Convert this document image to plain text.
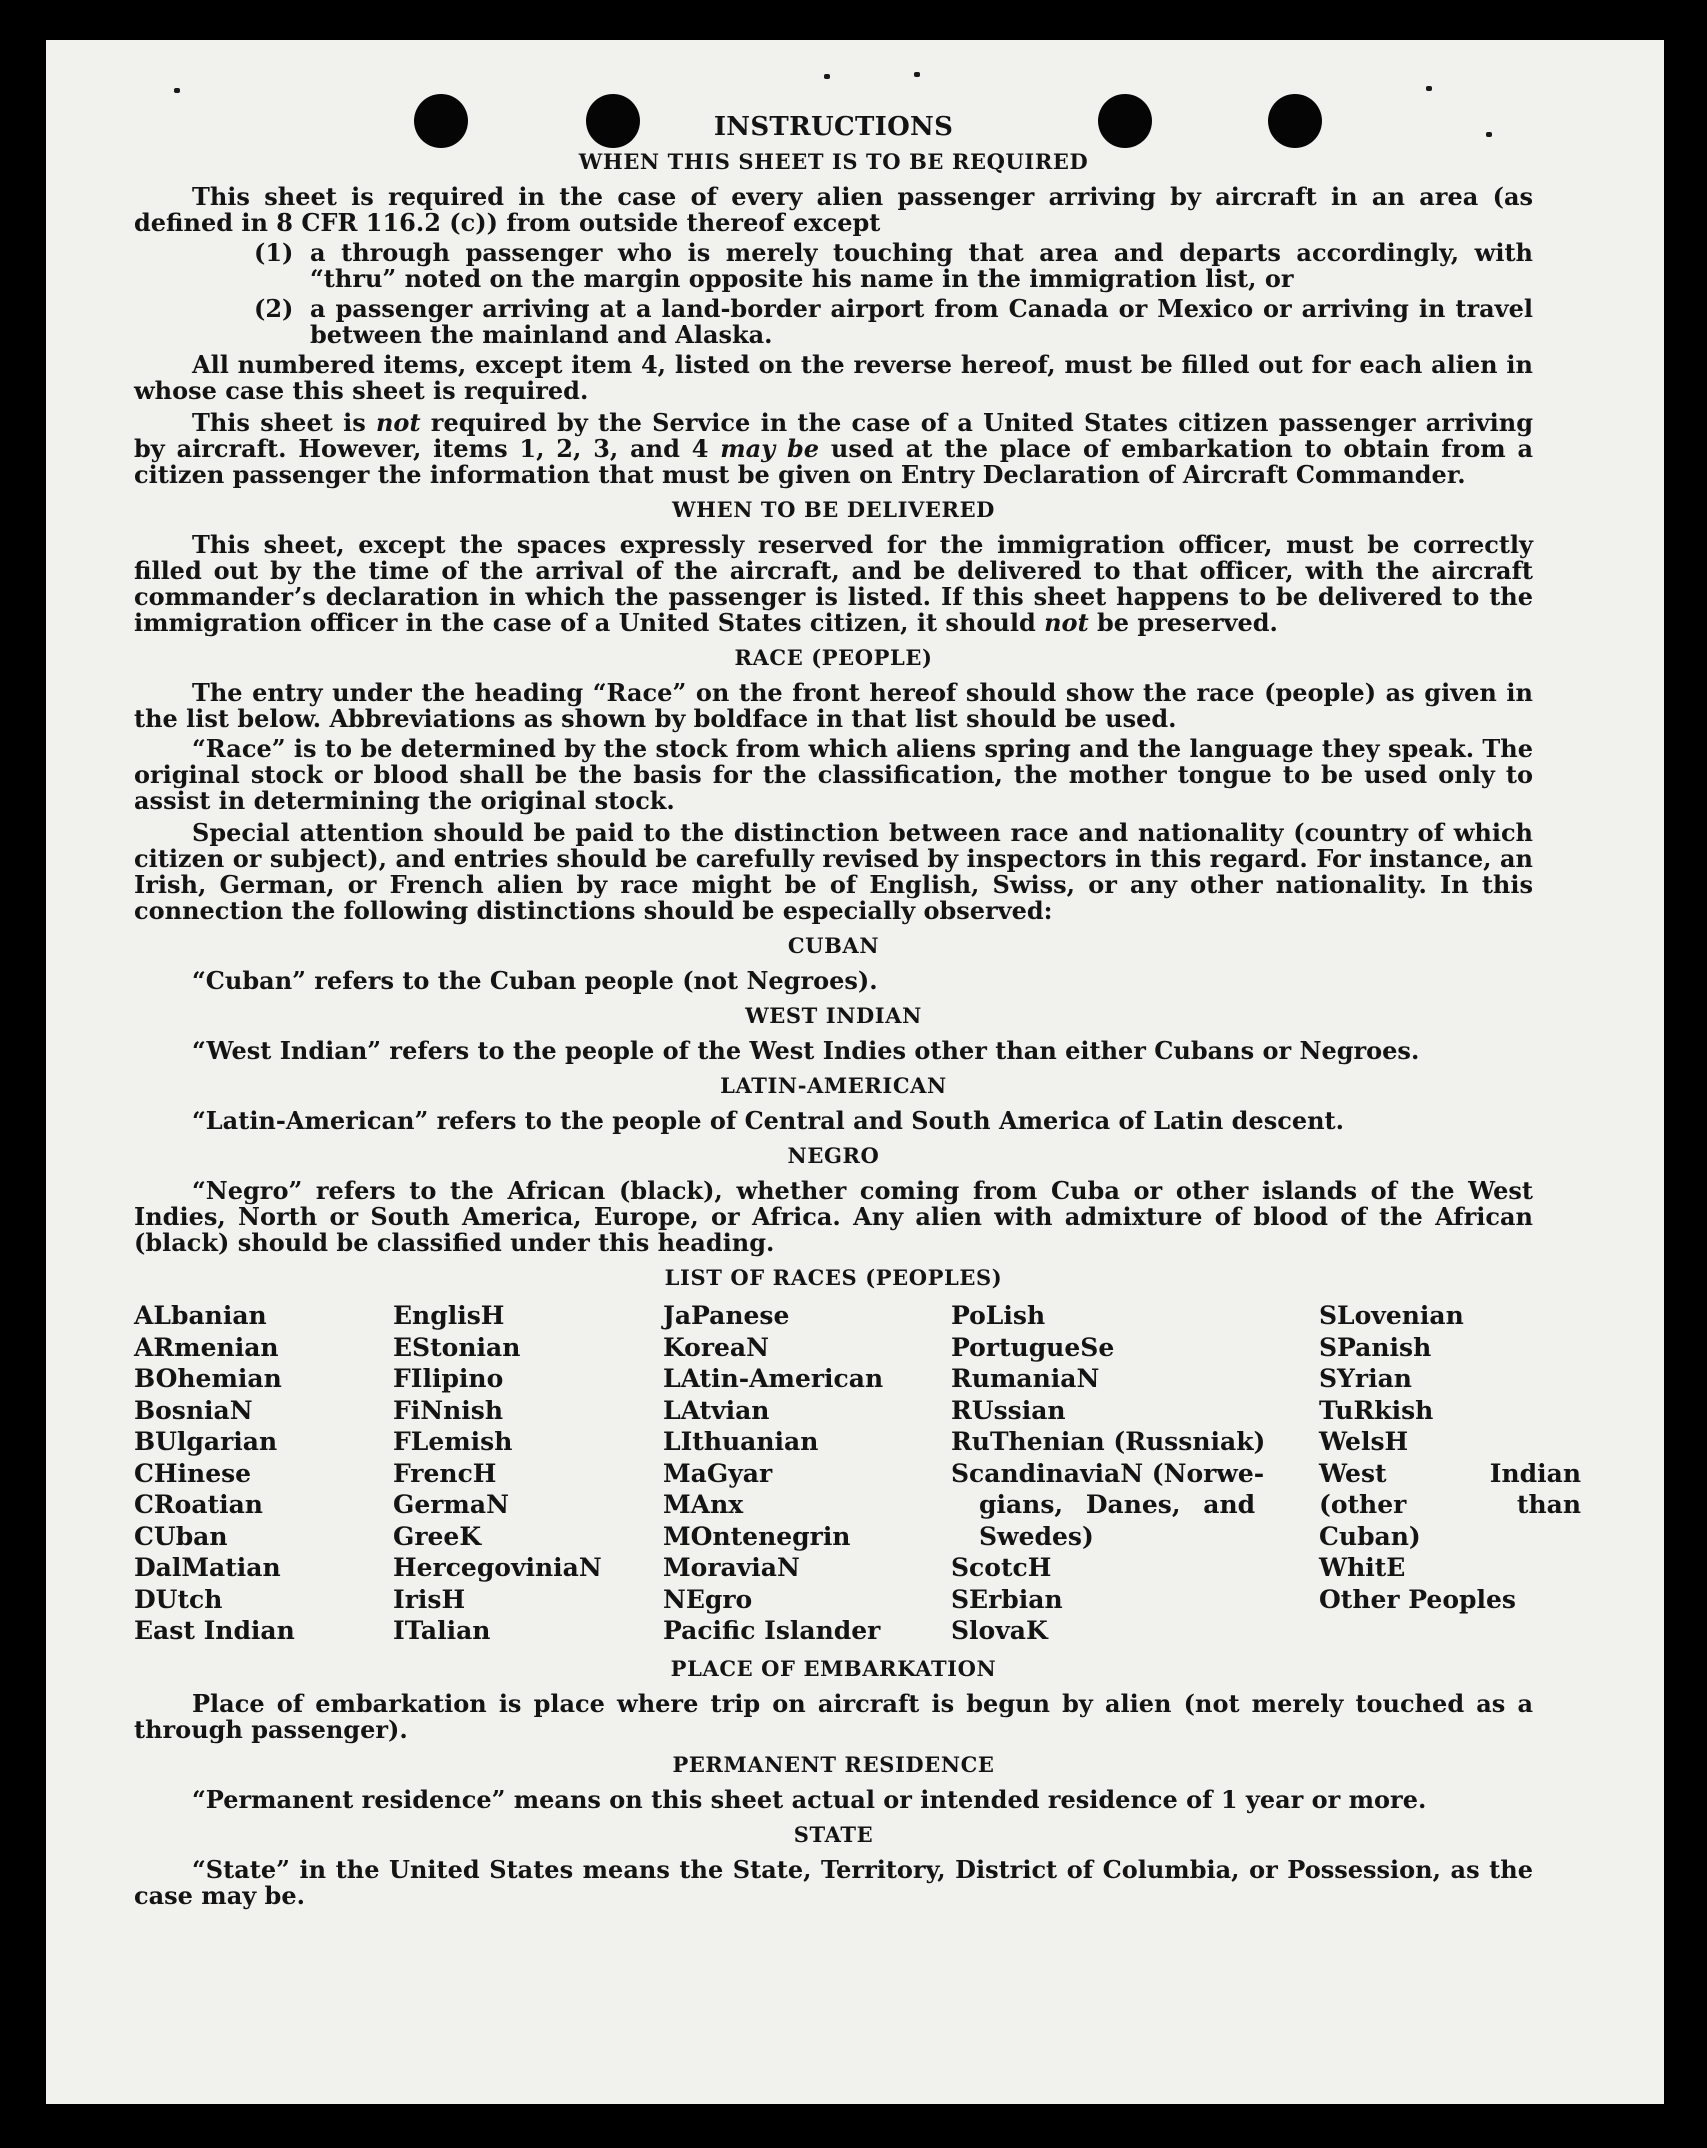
INSTRUCTIONS
WHEN THIS SHEET IS TO BE REQUIRED

This sheet is required in the case of every alien passenger arriving by aircraft in an area (as defined in 8 CFR 116.2 (c)) from outside thereof except

(1) a through passenger who is merely touching that area and departs accordingly, with “thru” noted on the margin opposite his name in the immigration list, or
(2) a passenger arriving at a land-border airport from Canada or Mexico or arriving in travel between the mainland and Alaska.

All numbered items, except item 4, listed on the reverse hereof, must be filled out for each alien in whose case this sheet is required.

This sheet is not required by the Service in the case of a United States citizen passenger arriving by aircraft. However, items 1, 2, 3, and 4 may be used at the place of embarkation to obtain from a citizen passenger the information that must be given on Entry Declaration of Aircraft Commander.

WHEN TO BE DELIVERED

This sheet, except the spaces expressly reserved for the immigration officer, must be correctly filled out by the time of the arrival of the aircraft, and be delivered to that officer, with the aircraft commander’s declaration in which the passenger is listed. If this sheet happens to be delivered to the immigration officer in the case of a United States citizen, it should not be preserved.

RACE (PEOPLE)

The entry under the heading “Race” on the front hereof should show the race (people) as given in the list below. Abbreviations as shown by boldface in that list should be used.

“Race” is to be determined by the stock from which aliens spring and the language they speak. The original stock or blood shall be the basis for the classification, the mother tongue to be used only to assist in determining the original stock.

Special attention should be paid to the distinction between race and nationality (country of which citizen or subject), and entries should be carefully revised by inspectors in this regard. For instance, an Irish, German, or French alien by race might be of English, Swiss, or any other nationality. In this connection the following distinctions should be especially observed:

CUBAN

“Cuban” refers to the Cuban people (not Negroes).

WEST INDIAN

“West Indian” refers to the people of the West Indies other than either Cubans or Negroes.

LATIN-AMERICAN

“Latin-American” refers to the people of Central and South America of Latin descent.

NEGRO

“Negro” refers to the African (black), whether coming from Cuba or other islands of the West Indies, North or South America, Europe, or Africa. Any alien with admixture of blood of the African (black) should be classified under this heading.

LIST OF RACES (PEOPLES)
ALbanian
ARmenian
BOhemian
BosniaN
BUlgarian
CHinese
CRoatian
CUban
DalMatian
DUtch
East Indian
EnglisH
EStonian
FIlipino
FiNnish
FLemish
FrencH
GermaN
GreeK
HercegoviniaN
IrisH
ITalian
JaPanese
KoreaN
LAtin-American
LAtvian
LIthuanian
MaGyar
MAnx
MOntenegrin
MoraviaN
NEgro
Pacific Islander
PoLish
PortugueSe
RumaniaN
RUssian
RuThenian (Russniak)
ScandinaviaN (Norwe-
gians, Danes, and
Swedes)
ScotcH
SErbian
SlovaK
SLovenian
SPanish
SYrian
TuRkish
WelsH
West Indian (other than Cuban)
WhitE
Other Peoples
PLACE OF EMBARKATION

Place of embarkation is place where trip on aircraft is begun by alien (not merely touched as a through passenger).

PERMANENT RESIDENCE

“Permanent residence” means on this sheet actual or intended residence of 1 year or more.

STATE

“State” in the United States means the State, Territory, District of Columbia, or Possession, as the case may be.
